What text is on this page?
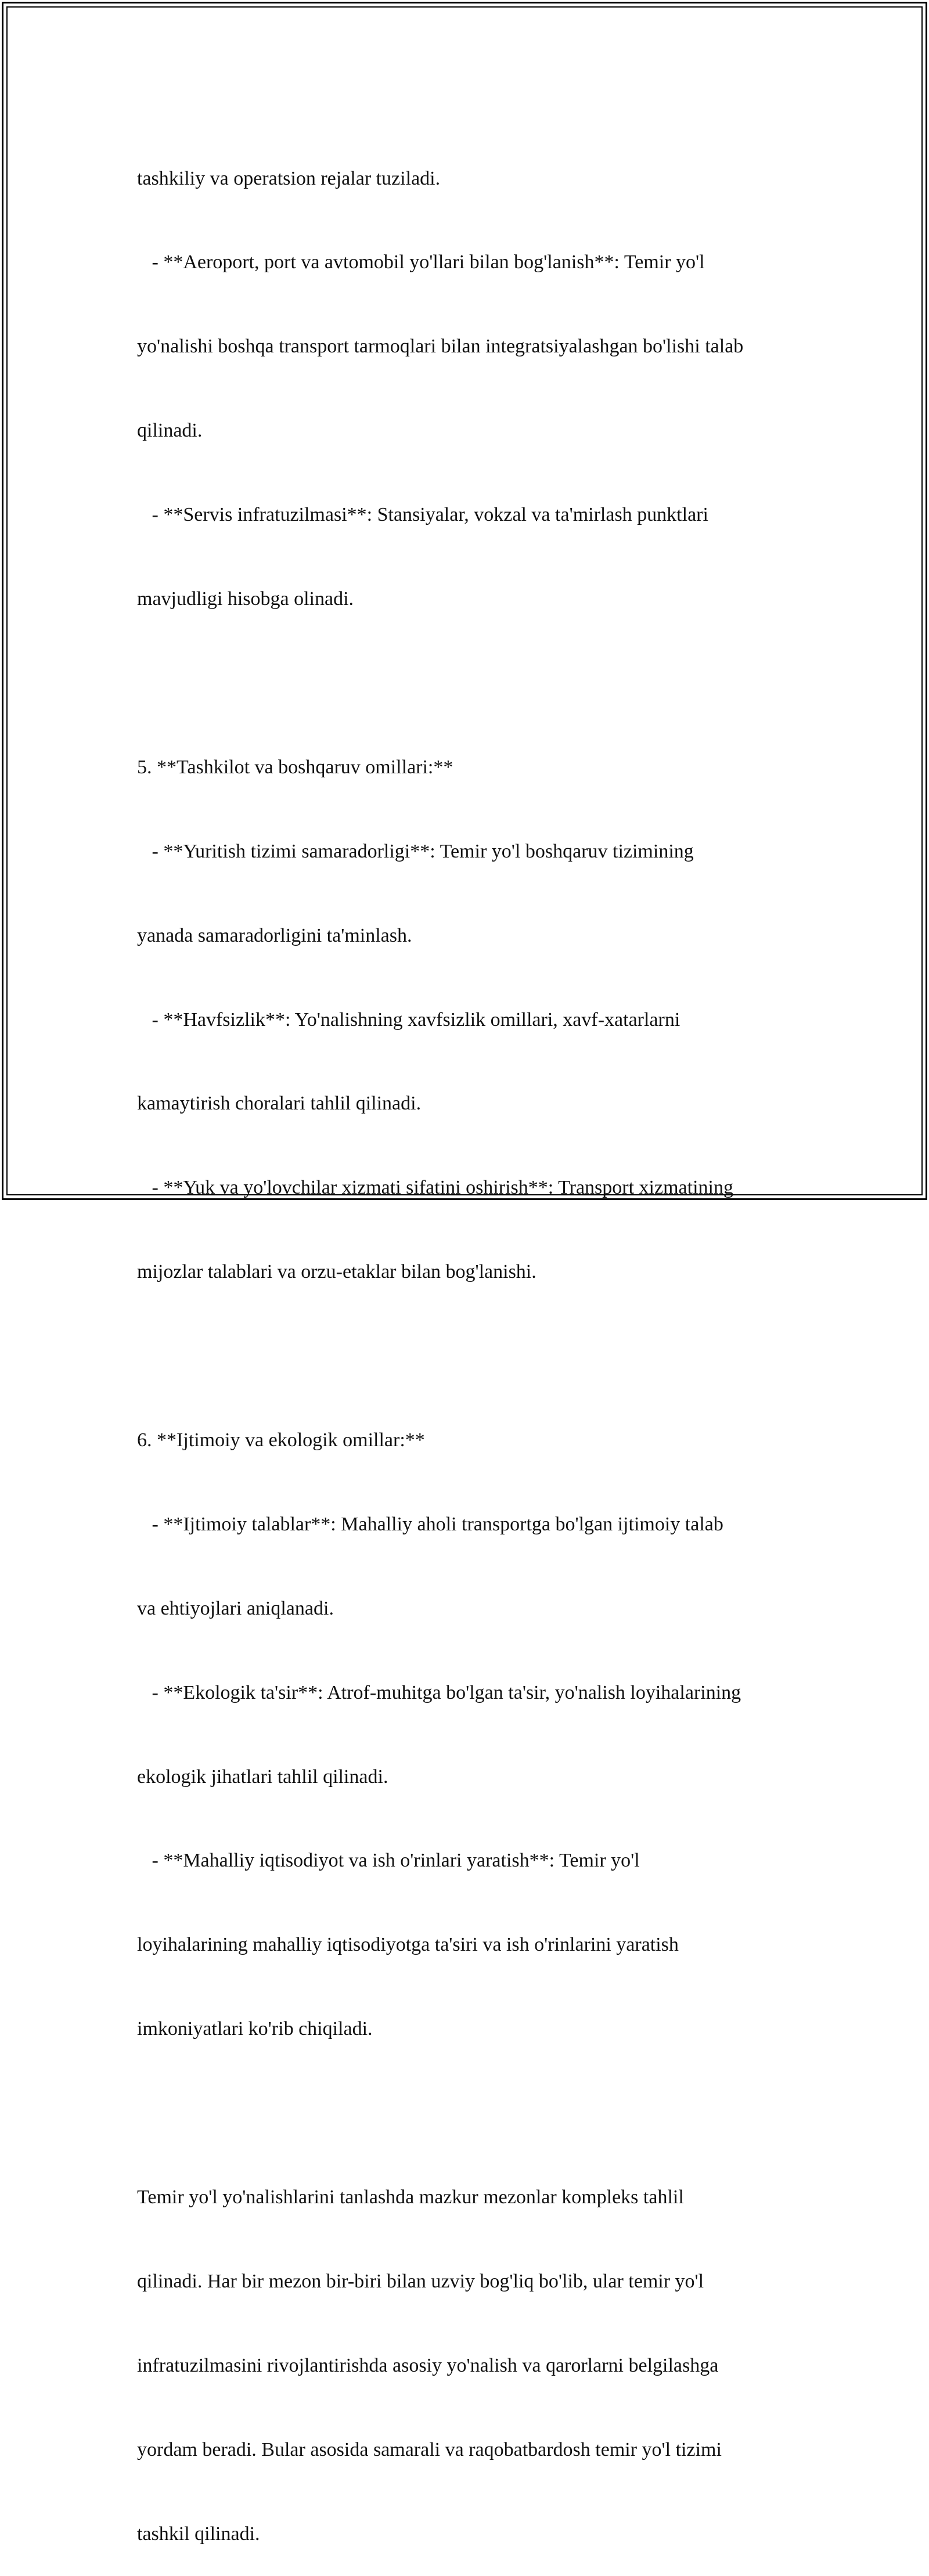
tashkiliy va operatsion rejalar tuziladi.

- **Aeroport, port va avtomobil yo'llari bilan bog'lanish**: Temir yo'l

yo'nalishi boshqa transport tarmoqlari bilan integratsiyalashgan bo'lishi talab

qilinadi.

- **Servis infratuzilmasi**: Stansiyalar, vokzal va ta'mirlash punktlari

mavjudligi hisobga olinadi.

5. **Tashkilot va boshqaruv omillari:**

- **Yuritish tizimi samaradorligi**: Temir yo'l boshqaruv tizimining

yanada samaradorligini ta'minlash.

- **Havfsizlik**: Yo'nalishning xavfsizlik omillari, xavf-xatarlarni

kamaytirish choralari tahlil qilinadi.

- **Yuk va yo'lovchilar xizmati sifatini oshirish**: Transport xizmatining

mijozlar talablari va orzu-etaklar bilan bog'lanishi.

6. **Ijtimoiy va ekologik omillar:**

- **Ijtimoiy talablar**: Mahalliy aholi transportga bo'lgan ijtimoiy talab

va ehtiyojlari aniqlanadi.

- **Ekologik ta'sir**: Atrof-muhitga bo'lgan ta'sir, yo'nalish loyihalarining

ekologik jihatlari tahlil qilinadi.

- **Mahalliy iqtisodiyot va ish o'rinlari yaratish**: Temir yo'l

loyihalarining mahalliy iqtisodiyotga ta'siri va ish o'rinlarini yaratish

imkoniyatlari ko'rib chiqiladi.

Temir yo'l yo'nalishlarini tanlashda mazkur mezonlar kompleks tahlil

qilinadi. Har bir mezon bir-biri bilan uzviy bog'liq bo'lib, ular temir yo'l

infratuzilmasini rivojlantirishda asosiy yo'nalish va qarorlarni belgilashga

yordam beradi. Bular asosida samarali va raqobatbardosh temir yo'l tizimi

tashkil qilinadi.
